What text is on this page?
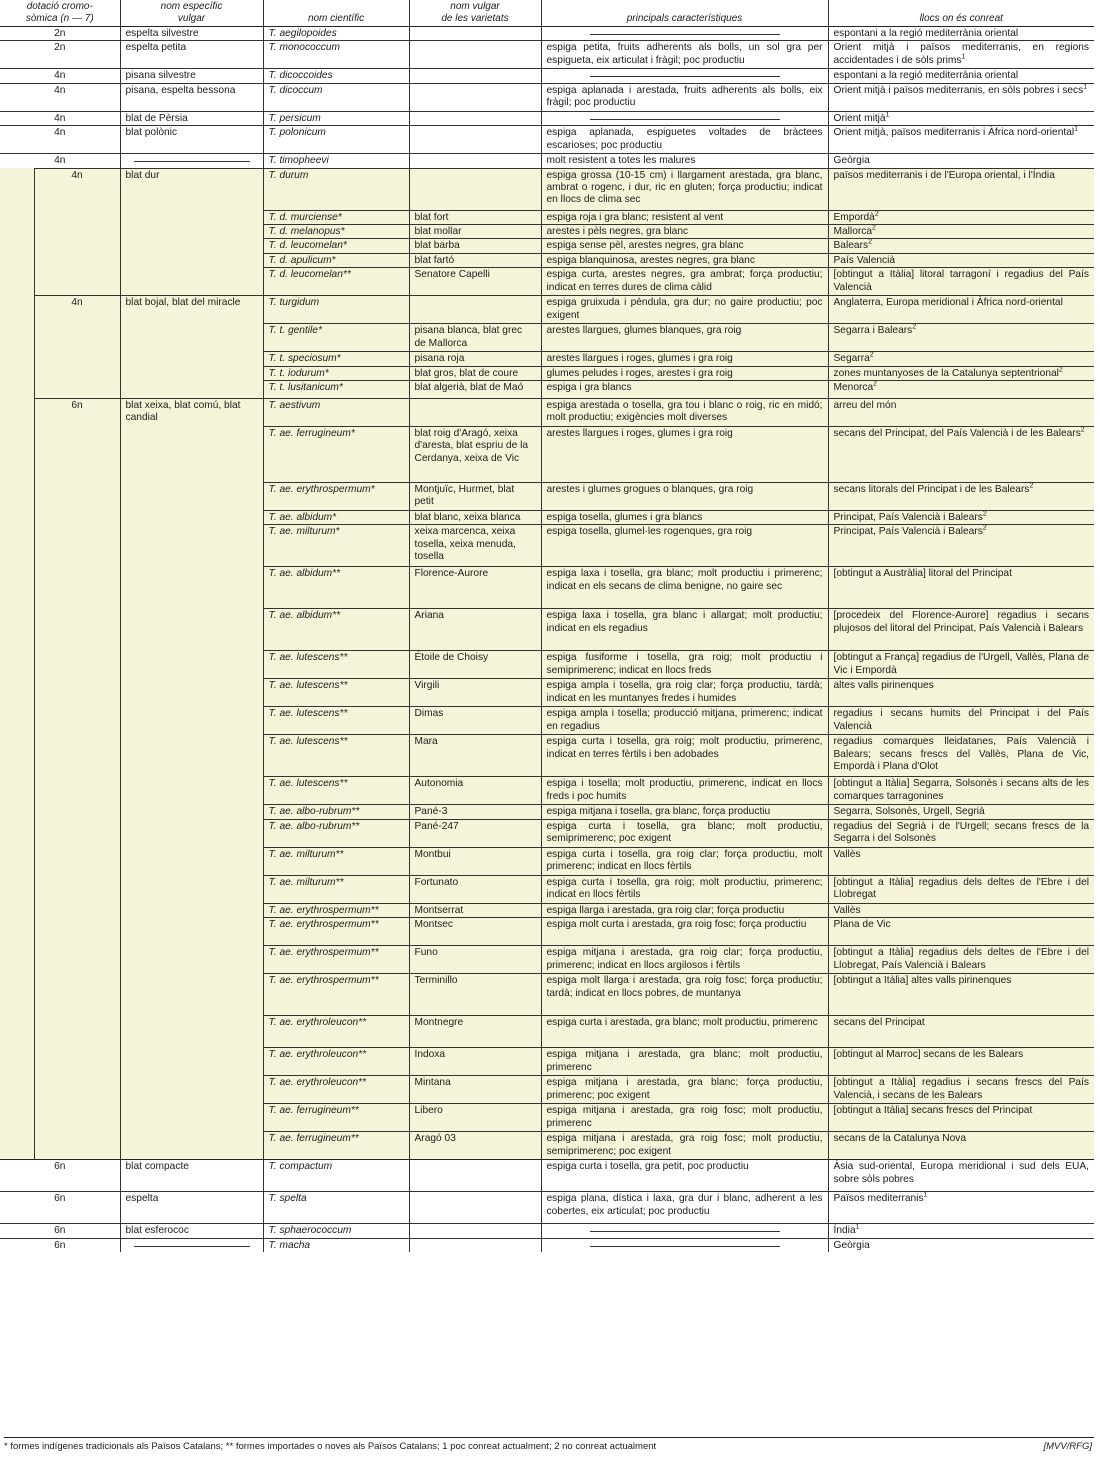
dotació cromo-
sòmica (n — 7)		nom específic
vulgar	nom científic	nom vulgar
de les varietats	principals característiques	llocs on és conreat
2n		espelta silvestre	T. aegilopoides			espontani a la regió mediterrània oriental
2n		espelta petita	T. monococcum		espiga petita, fruits adherents als bolls, un sol gra per espigueta, eix articulat i fràgil; poc productiu	Orient mitjà i països mediterranis, en regions accidentades i de sòls prims$^1$
4n		pisana silvestre	T. dicoccoides			espontani a la regió mediterrània oriental
4n		pisana, espelta bessona	T. dicoccum		espiga aplanada i arestada, fruits adherents als bolls, eix fràgil; poc productiu	Orient mitjà i països mediterranis, en sòls pobres i secs$^1$
4n		blat de Pèrsia	T. persicum			Orient mitjà$^1$
4n		blat polònic	T. polonicum		espiga aplanada, espiguetes voltades de bràctees escarioses; poc productiu	Orient mitjà, països mediterranis i Àfrica nord-oriental$^1$
4n			T. timopheevi		molt resistent a totes les malures	Geòrgia
	4n	blat dur	T. durum		espiga grossa (10-15 cm) i llargament arestada, gra blanc, ambrat o rogenc, i dur, ric en gluten; força productiu; indicat en llocs de clima sec	països mediterranis i de l'Europa oriental, i l'Índia
			T. d. murciense*	blat fort	espiga roja i gra blanc; resistent al vent	Empordà$^2$
			T. d. melanopus*	blat mollar	arestes i pèls negres, gra blanc	Mallorca$^2$
			T. d. leucomelan*	blat barba	espiga sense pèl, arestes negres, gra blanc	Balears$^2$
			T. d. apulicum*	blat fartó	espiga blanquinosa, arestes negres, gra blanc	País Valencià
			T. d. leucomelan**	Senatore Capelli	espiga curta, arestes negres, gra ambrat; força productiu; indicat en terres dures de clima càlid	[obtingut a Itàlia] litoral tarragoní i regadius del País Valencià
	4n	blat bojal, blat del miracle	T. turgidum		espiga gruixuda i pèndula, gra dur; no gaire productiu; poc exigent	Anglaterra, Europa meridional i Àfrica nord-oriental
			T. t. gentile*	pisana blanca, blat grec de Mallorca	arestes llargues, glumes blanques, gra roig	Segarra i Balears$^2$
			T. t. speciosum*	pisana roja	arestes llargues i roges, glumes i gra roig	Segarra$^2$
			T. t. iodurum*	blat gros, blat de coure	glumes peludes i roges, arestes i gra roig	zones muntanyoses de la Catalunya septentrional$^2$
			T. t. lusitanicum*	blat algerià, blat de Maó	espiga i gra blancs	Menorca$^2$
	6n	blat xeixa, blat comú, blat candial	T. aestivum		espiga arestada o tosella, gra tou i blanc o roig, ric en midó; molt productiu; exigències molt diverses	arreu del món
			T. ae. ferrugineum*	blat roig d'Aragó, xeixa d'aresta, blat espriu de la Cerdanya, xeixa de Vic	arestes llargues i roges, glumes i gra roig	secans del Principat, del País Valencià i de les Balears$^2$
			T. ae. erythrospermum*	Montjuïc, Hurmet, blat petit	arestes i glumes grogues o blanques, gra roig	secans litorals del Principat i de les Balears$^2$
			T. ae. albidum*	blat blanc, xeixa blanca	espiga tosella, glumes i gra blancs	Principat, País Valencià i Balears$^2$
			T. ae. milturum*	xeixa marcenca, xeixa tosella, xeixa menuda, tosella	espiga tosella, glumel·les rogenques, gra roig	Principat, País Valencià i Balears$^2$
			T. ae. albidum**	Florence-Aurore	espiga laxa i tosella, gra blanc; molt productiu i primerenc; indicat en els secans de clima benigne, no gaire sec	[obtingut a Austràlia] litoral del Principat
			T. ae. albidum**	Ariana	espiga laxa i tosella, gra blanc i allargat; molt productiu; indicat en els regadius	[procedeix del Florence-Aurore] regadius i secans plujosos del litoral del Principat, País Valencià i Balears
			T. ae. lutescens**	Étoile de Choisy	espiga fusiforme i tosella, gra roig; molt productiu i semiprimerenc; indicat en llocs freds	[obtingut a França] regadius de l'Urgell, Vallès, Plana de Vic i Empordà
			T. ae. lutescens**	Virgili	espiga ampla i tosella, gra roig clar; força productiu, tardà; indicat en les muntanyes fredes i humides	altes valls pirinenques
			T. ae. lutescens**	Dimas	espiga ampla i tosella; producció mitjana, primerenc; indicat en regadius	regadius i secans humits del Principat i del País Valencià
			T. ae. lutescens**	Mara	espiga curta i tosella, gra roig; molt productiu, primerenc, indicat en terres fèrtils i ben adobades	regadius comarques lleidatanes, País Valencià i Balears; secans frescs del Vallès, Plana de Vic, Empordà i Plana d'Olot
			T. ae. lutescens**	Autonomia	espiga i tosella; molt productiu, primerenc, indicat en llocs freds i poc humits	[obtingut a Itàlia] Segarra, Solsonès i secans alts de les comarques tarragonines
			T. ae. albo-rubrum**	Pané-3	espiga mitjana i tosella, gra blanc, força productiu	Segarra, Solsonès, Urgell, Segrià
			T. ae. albo-rubrum**	Pané-247	espiga curta i tosella, gra blanc; molt productiu, semiprimerenc; poc exigent	regadius del Segrià i de l'Urgell; secans frescs de la Segarra i del Solsonès
			T. ae. milturum**	Montbui	espiga curta i tosella, gra roig clar; força productiu, molt primerenc; indicat en llocs fèrtils	Vallès
			T. ae. milturum**	Fortunato	espiga curta i tosella, gra roig; molt productiu, primerenc; indicat en llocs fèrtils	[obtingut a Itàlia] regadius dels deltes de l'Ebre i del Llobregat
			T. ae. erythrospermum**	Montserrat	espiga llarga i arestada, gra roig clar; força productiu	Vallès
			T. ae. erythrospermum**	Montsec	espiga molt curta i arestada, gra roig fosc; força productiu	Plana de Vic
			T. ae. erythrospermum**	Funo	espiga mitjana i arestada, gra roig clar; força productiu, primerenc; indicat en llocs argilosos i fèrtils	[obtingut a Itàlia] regadius dels deltes de l'Ebre i del Llobregat, País Valencià i Balears
			T. ae. erythrospermum**	Terminillo	espiga molt llarga i arestada, gra roig fosc; força productiu; tardà; indicat en llocs pobres, de muntanya	[obtingut a Itàlia] altes valls pirinenques
			T. ae. erythroleucon**	Montnegre	espiga curta i arestada, gra blanc; molt productiu, primerenc	secans del Principat
			T. ae. erythroleucon**	Indoxa	espiga mitjana i arestada, gra blanc; molt productiu, primerenc	[obtingut al Marroc] secans de les Balears
			T. ae. erythroleucon**	Mintana	espiga mitjana i arestada, gra blanc; força productiu, primerenc; poc exigent	[obtingut a Itàlia] regadius i secans frescs del País Valencià, i secans de les Balears
			T. ae. ferrugineum**	Libero	espiga mitjana i arestada, gra roig fosc; molt productiu, primerenc	[obtingut a Itàlia] secans frescs del Principat
			T. ae. ferrugineum**	Aragó 03	espiga mitjana i arestada, gra roig fosc; molt productiu, semiprimerenc; poc exigent	secans de la Catalunya Nova
6n		blat compacte	T. compactum		espiga curta i tosella, gra petit, poc productiu	Àsia sud-oriental, Europa meridional i sud dels EUA, sobre sòls pobres
6n		espelta	T. spelta		espiga plana, dística i laxa, gra dur i blanc, adherent a les cobertes, eix articulat; poc productiu	Països mediterranis$^1$
6n		blat esferococ	T. sphaerococcum			Índia$^1$
6n			T. macha			Geòrgia
* formes indígenes tradicionals als Països Catalans; ** formes importades o noves als Països Catalans; 1 poc conreat actualment; 2 no conreat actualment	[MVV/RFG]
